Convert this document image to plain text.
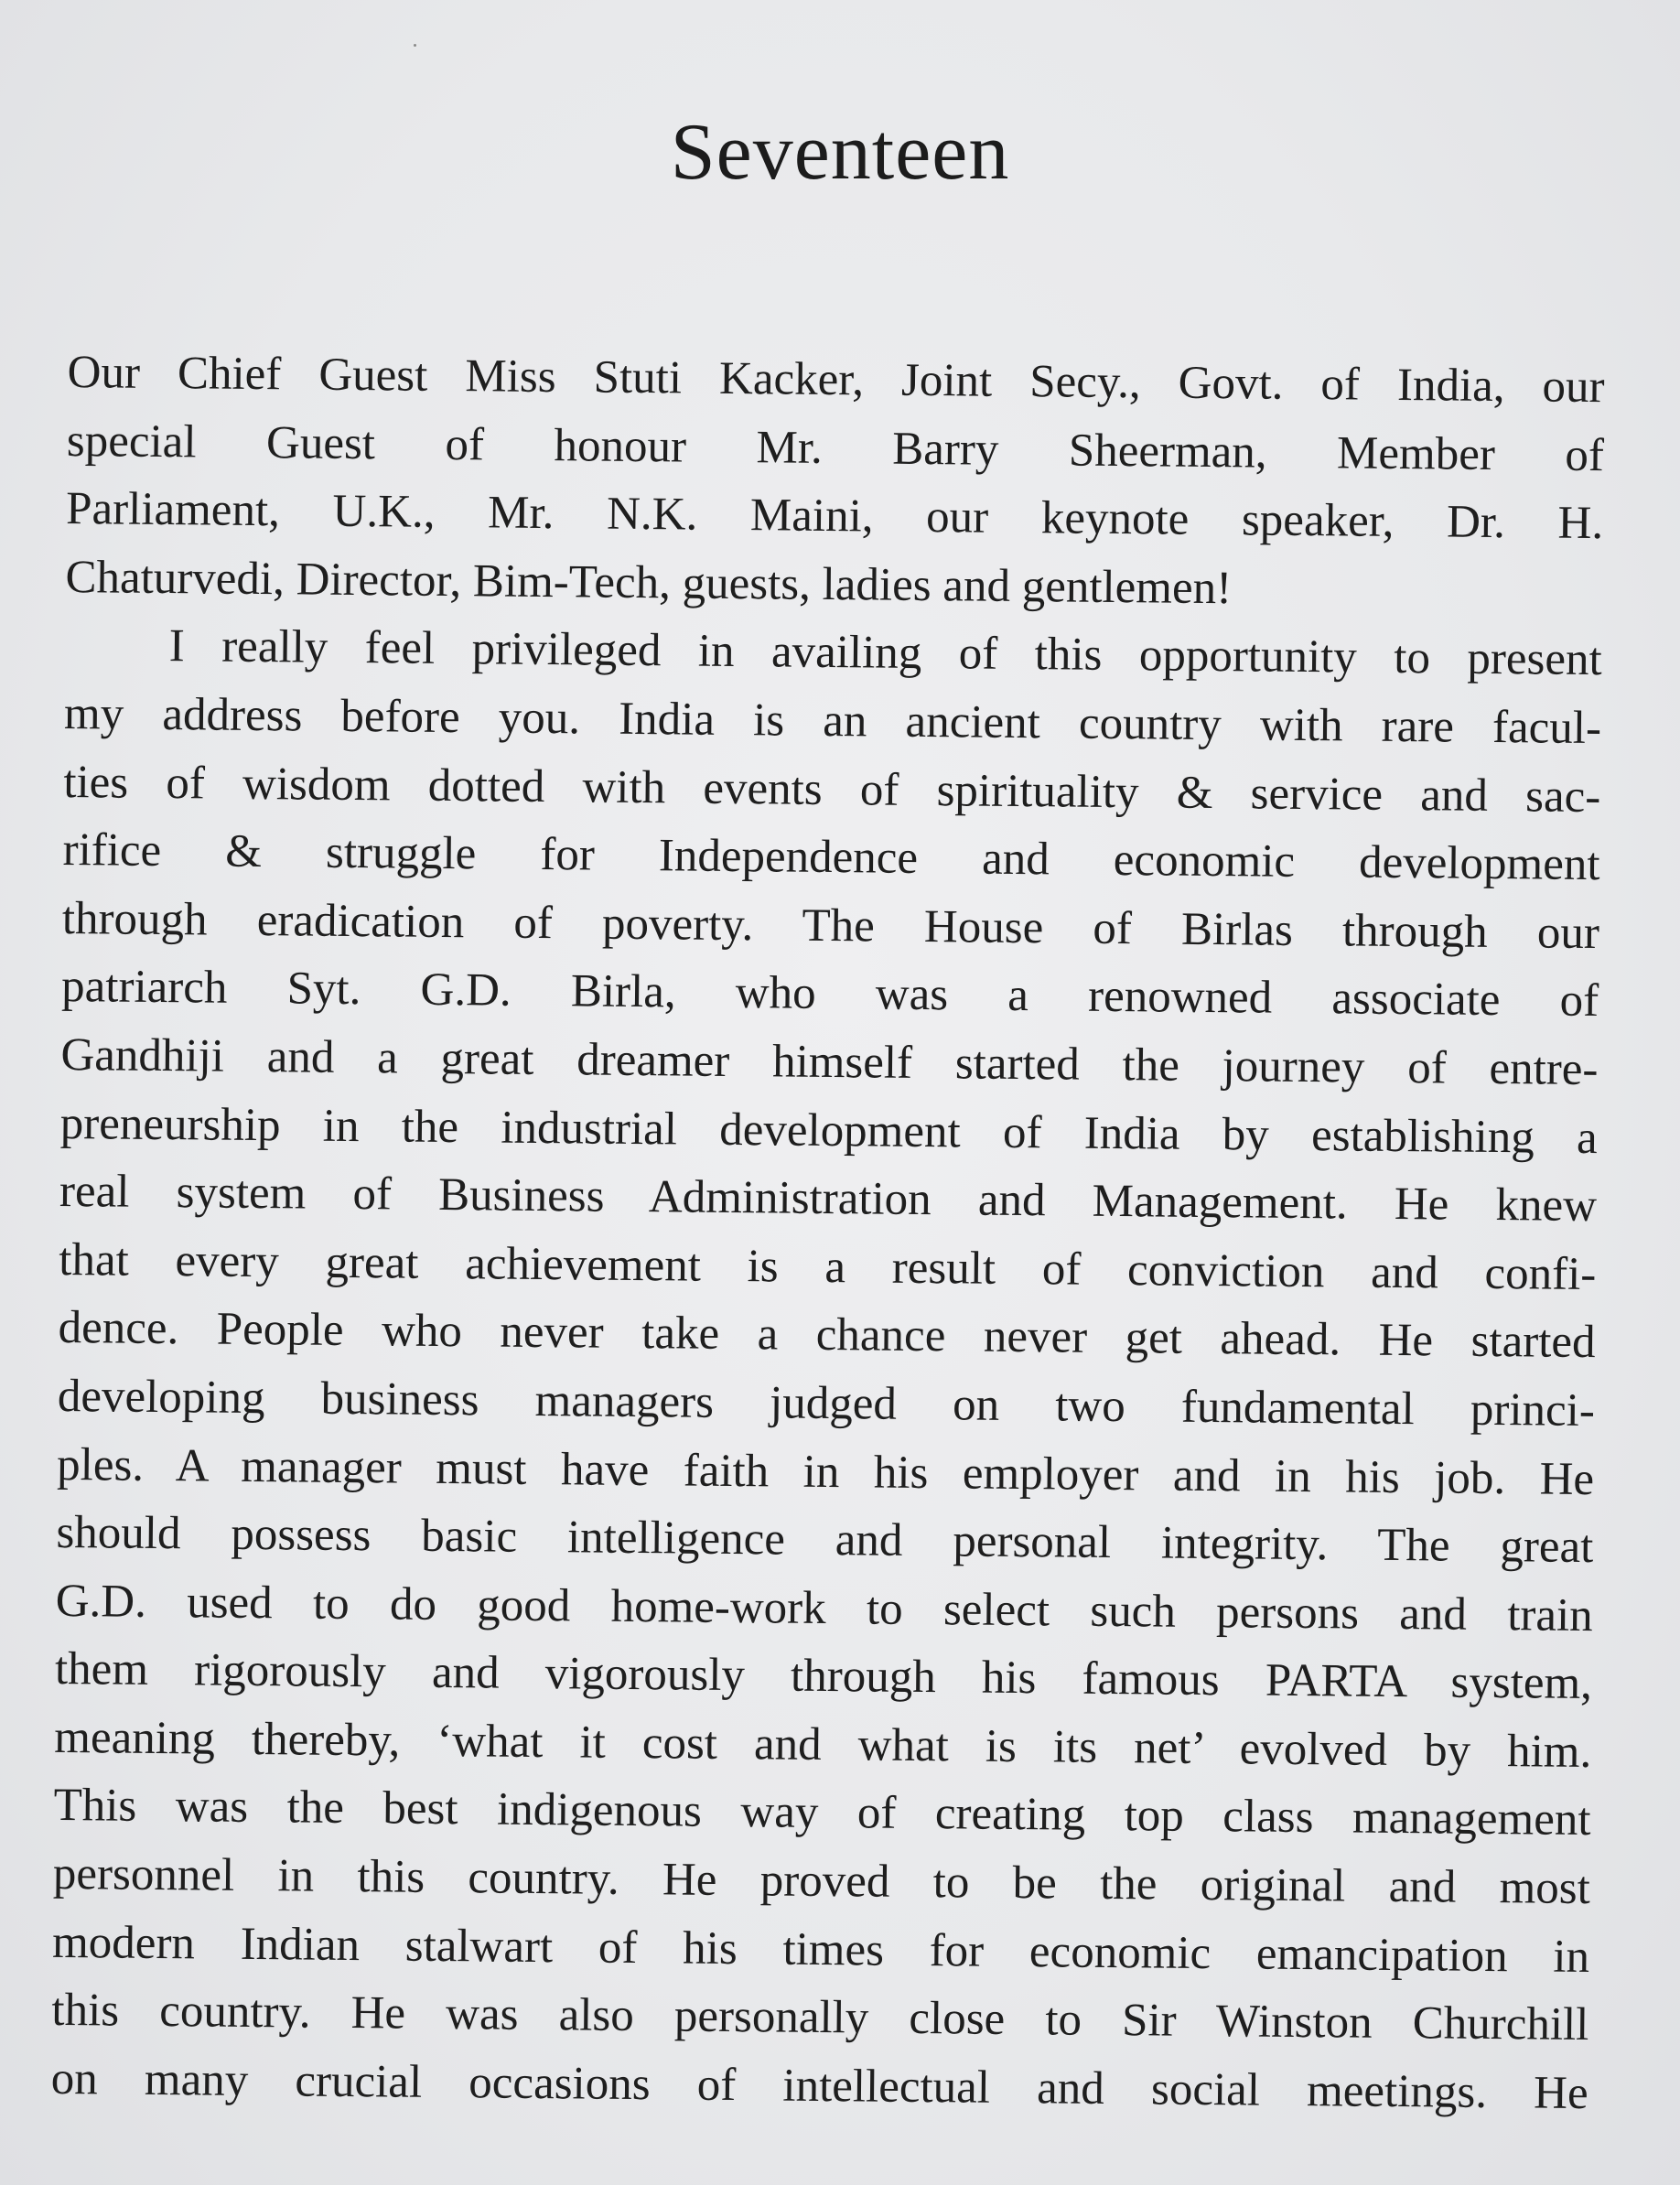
Seventeen
Our Chief Guest Miss Stuti Kacker, Joint Secy., Govt. of India, our
special Guest of honour Mr. Barry Sheerman, Member of
Parliament, U.K., Mr. N.K. Maini, our keynote speaker, Dr. H.
Chaturvedi, Director, Bim-Tech, guests, ladies and gentlemen!
I really feel privileged in availing of this opportunity to present
my address before you. India is an ancient country with rare facul-
ties of wisdom dotted with events of spirituality & service and sac-
rifice & struggle for Independence and economic development
through eradication of poverty. The House of Birlas through our
patriarch Syt. G.D. Birla, who was a renowned associate of
Gandhiji and a great dreamer himself started the journey of entre-
preneurship in the industrial development of India by establishing a
real system of Business Administration and Management. He knew
that every great achievement is a result of conviction and confi-
dence. People who never take a chance never get ahead. He started
developing business managers judged on two fundamental princi-
ples. A manager must have faith in his employer and in his job. He
should possess basic intelligence and personal integrity. The great
G.D. used to do good home-work to select such persons and train
them rigorously and vigorously through his famous PARTA system,
meaning thereby, ‘what it cost and what is its net’ evolved by him.
This was the best indigenous way of creating top class management
personnel in this country. He proved to be the original and most
modern Indian stalwart of his times for economic emancipation in
this country. He was also personally close to Sir Winston Churchill
on many crucial occasions of intellectual and social meetings. He
